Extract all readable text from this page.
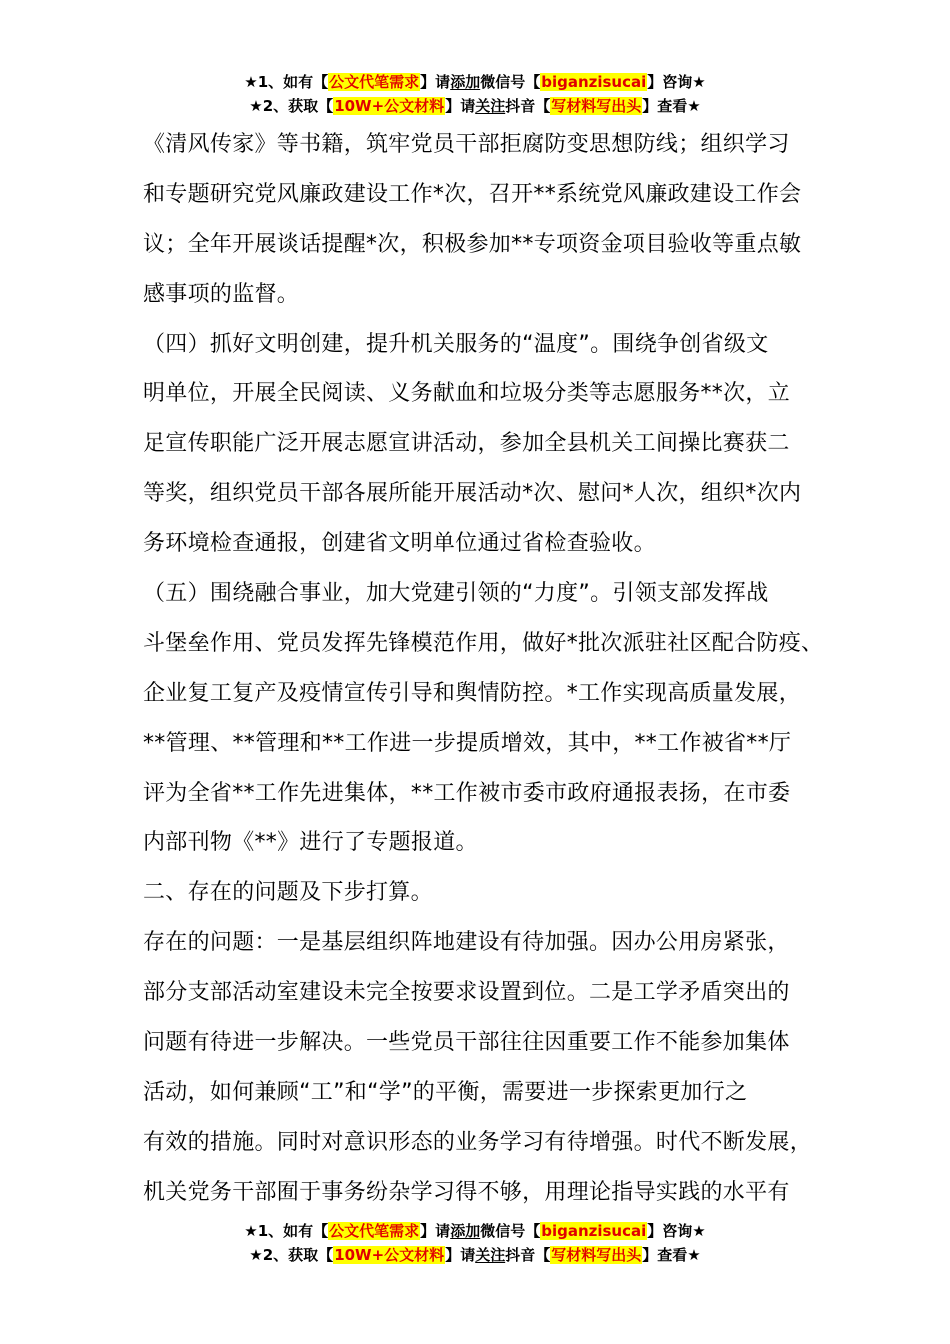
★1、如有【公文代笔需求】请添加微信号【biganzisucai】咨询★
★2、获取【10W+公文材料】请关注抖音【写材料写出头】查看★
《清风传家》等书籍，筑牢党员干部拒腐防变思想防线；组织学习
和专题研究党风廉政建设工作*次，召开**系统党风廉政建设工作会
议；全年开展谈话提醒*次，积极参加**专项资金项目验收等重点敏
感事项的监督。
（四）抓好文明创建，提升机关服务的“温度”。围绕争创省级文
明单位，开展全民阅读、义务献血和垃圾分类等志愿服务**次，立
足宣传职能广泛开展志愿宣讲活动，参加全县机关工间操比赛获二
等奖，组织党员干部各展所能开展活动*次、慰问*人次，组织*次内
务环境检查通报，创建省文明单位通过省检查验收。
（五）围绕融合事业，加大党建引领的“力度”。引领支部发挥战
斗堡垒作用、党员发挥先锋模范作用，做好*批次派驻社区配合防疫、
企业复工复产及疫情宣传引导和舆情防控。*工作实现高质量发展，
**管理、**管理和**工作进一步提质增效，其中，**工作被省**厅
评为全省**工作先进集体，**工作被市委市政府通报表扬，在市委
内部刊物《**》进行了专题报道。
二、存在的问题及下步打算。
存在的问题：一是基层组织阵地建设有待加强。因办公用房紧张，
部分支部活动室建设未完全按要求设置到位。二是工学矛盾突出的
问题有待进一步解决。一些党员干部往往因重要工作不能参加集体
活动，如何兼顾“工”和“学”的平衡，需要进一步探索更加行之
有效的措施。同时对意识形态的业务学习有待增强。时代不断发展，
机关党务干部囿于事务纷杂学习得不够，用理论指导实践的水平有
★1、如有【公文代笔需求】请添加微信号【biganzisucai】咨询★
★2、获取【10W+公文材料】请关注抖音【写材料写出头】查看★
